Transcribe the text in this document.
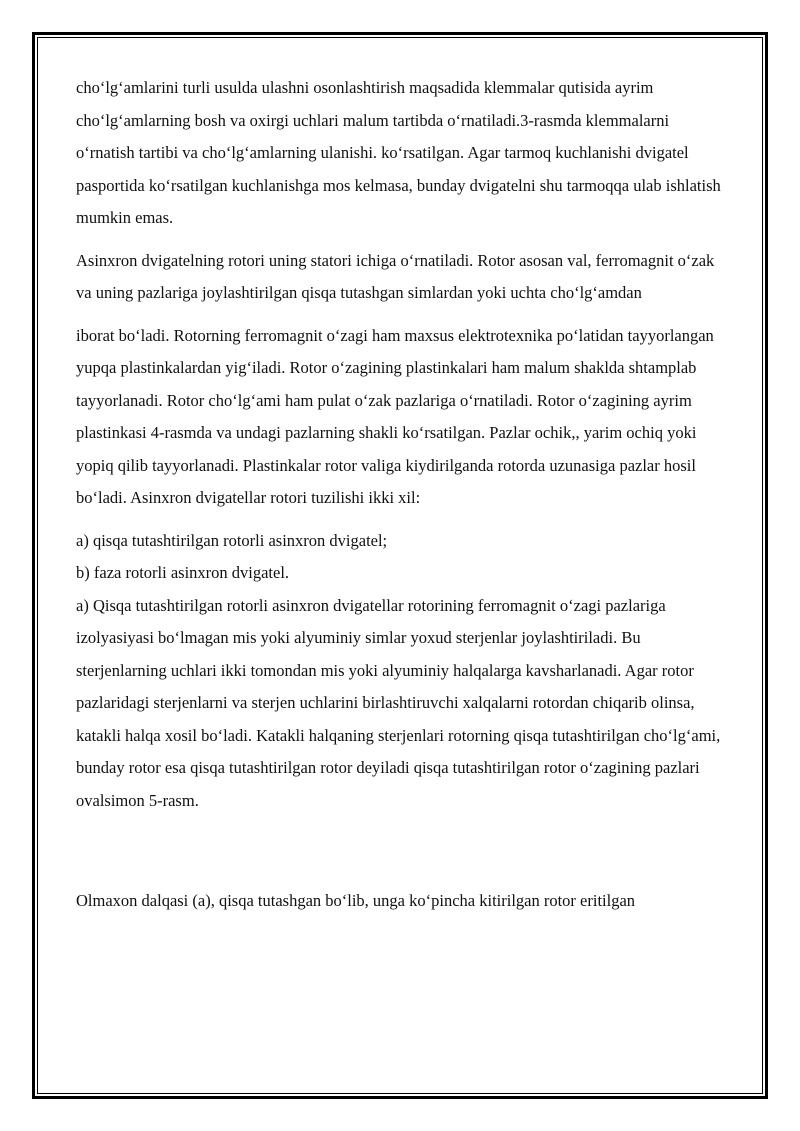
cho‘lg‘amlarini turli usulda ulashni osonlashtirish maqsadida klemmalar qutisida ayrim cho‘lg‘amlarning bosh va oxirgi uchlari malum tartibda o‘rnatiladi.3-rasmda klemmalarni o‘rnatish tartibi va cho‘lg‘amlarning ulanishi. ko‘rsatilgan. Agar tarmoq kuchlanishi dvigatel pasportida ko‘rsatilgan kuchlanishga mos kelmasa, bunday dvigatelni shu tarmoqqa ulab ishlatish mumkin emas.

Asinxron dvigatelning rotori uning statori ichiga o‘rnatiladi. Rotor asosan val, ferromagnit o‘zak va uning pazlariga joylashtirilgan qisqa tutashgan simlardan yoki uchta cho‘lg‘amdan

iborat bo‘ladi. Rotorning ferromagnit o‘zagi ham maxsus elektrotexnika po‘latidan tayyorlangan yupqa plastinkalardan yig‘iladi. Rotor o‘zagining plastinkalari ham malum shaklda shtamplab tayyorlanadi. Rotor cho‘lg‘ami ham pulat o‘zak pazlariga o‘rnatiladi. Rotor o‘zagining ayrim plastinkasi 4-rasmda va undagi pazlarning shakli ko‘rsatilgan. Pazlar ochik,, yarim ochiq yoki yopiq qilib tayyorlanadi. Plastinkalar rotor valiga kiydirilganda rotorda uzunasiga pazlar hosil bo‘ladi. Asinxron dvigatellar rotori tuzilishi ikki xil:

a) qisqa tutashtirilgan rotorli asinxron dvigatel;

b) faza rotorli asinxron dvigatel.

a) Qisqa tutashtirilgan rotorli asinxron dvigatellar rotorining ferromagnit o‘zagi pazlariga izolyasiyasi bo‘lmagan mis yoki alyuminiy simlar yoxud sterjenlar joylashtiriladi. Bu sterjenlarning uchlari ikki tomondan mis yoki alyuminiy halqalarga kavsharlanadi. Agar rotor pazlaridagi sterjenlarni va sterjen uchlarini birlashtiruvchi xalqalarni rotordan chiqarib olinsa, katakli halqa xosil bo‘ladi. Katakli halqaning sterjenlari rotorning qisqa tutashtirilgan cho‘lg‘ami, bunday rotor esa qisqa tutashtirilgan rotor deyiladi qisqa tutashtirilgan rotor o‘zagining pazlari ovalsimon 5-rasm.

Olmaxon dalqasi (a), qisqa tutashgan bo‘lib, unga ko‘pincha kitirilgan rotor eritilgan
